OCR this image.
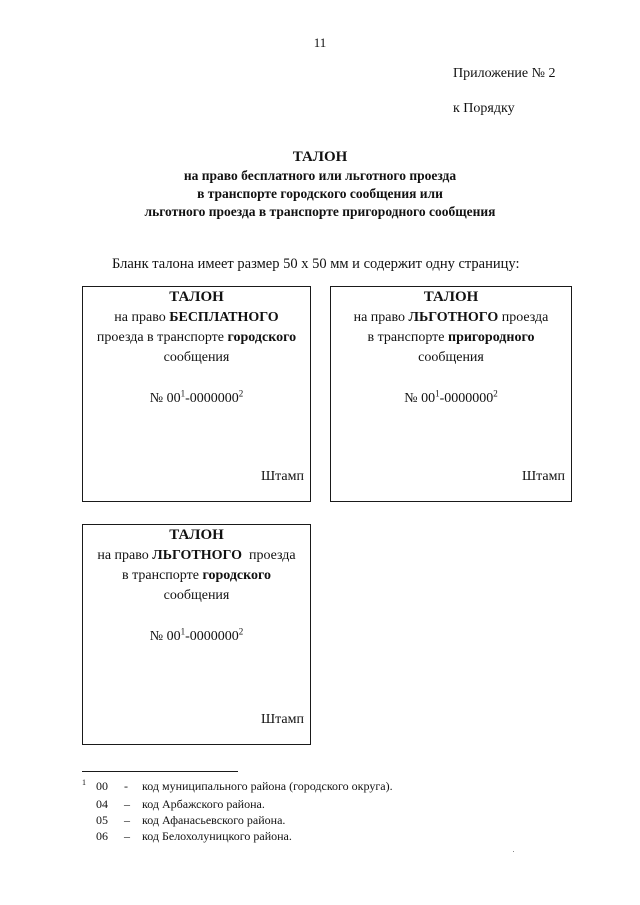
11
Приложение № 2
к Порядку
ТАЛОН
на право бесплатного или льготного проезда
в транспорте городского сообщения или
льготного проезда в транспорте пригородного сообщения
Бланк талона имеет размер 50 х 50 мм и содержит одну страницу:
ТАЛОН
на право БЕСПЛАТНОГО
проезда в транспорте городского
сообщения
№ $00^1-0000000^2$
Штамп
ТАЛОН
на право ЛЬГОТНОГО проезда
в транспорте пригородного
сообщения
№ $00^1-0000000^2$
Штамп
ТАЛОН
на право ЛЬГОТНОГО  проезда
в транспорте городского
сообщения
№ $00^1-0000000^2$
Штамп
1 00	-	код муниципального района (городского округа).
04	–	код Арбажского района.
05	–	код Афанасьевского района.
06	–	код Белохолуницкого района.
